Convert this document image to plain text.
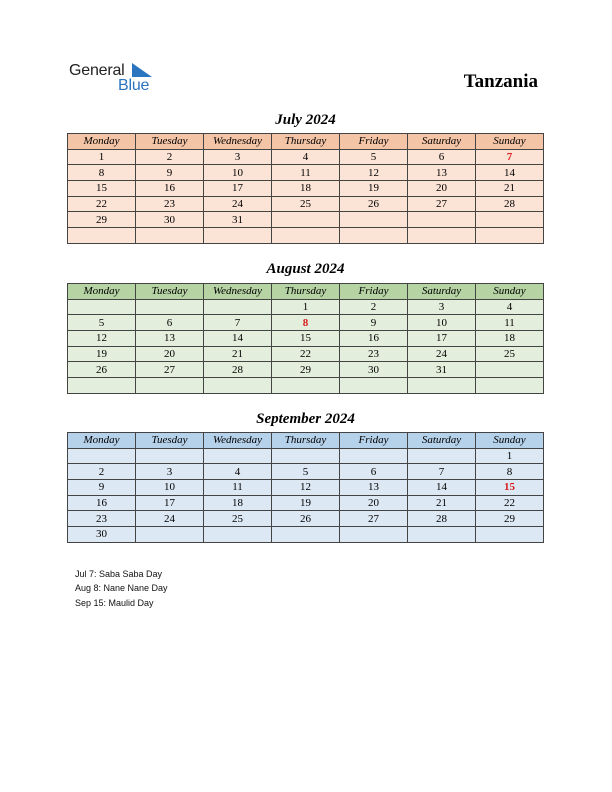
General
Blue	Tanzania
July 2024
Monday	Tuesday	Wednesday	Thursday	Friday	Saturday	Sunday
1	2	3	4	5	6	7
8	9	10	11	12	13	14
15	16	17	18	19	20	21
22	23	24	25	26	27	28
29	30	31				

August 2024
Monday	Tuesday	Wednesday	Thursday	Friday	Saturday	Sunday
			1	2	3	4
5	6	7	8	9	10	11
12	13	14	15	16	17	18
19	20	21	22	23	24	25
26	27	28	29	30	31	

September 2024
Monday	Tuesday	Wednesday	Thursday	Friday	Saturday	Sunday
						1
2	3	4	5	6	7	8
9	10	11	12	13	14	15
16	17	18	19	20	21	22
23	24	25	26	27	28	29
30						
Jul 7: Saba Saba Day
Aug 8: Nane Nane Day
Sep 15: Maulid Day
